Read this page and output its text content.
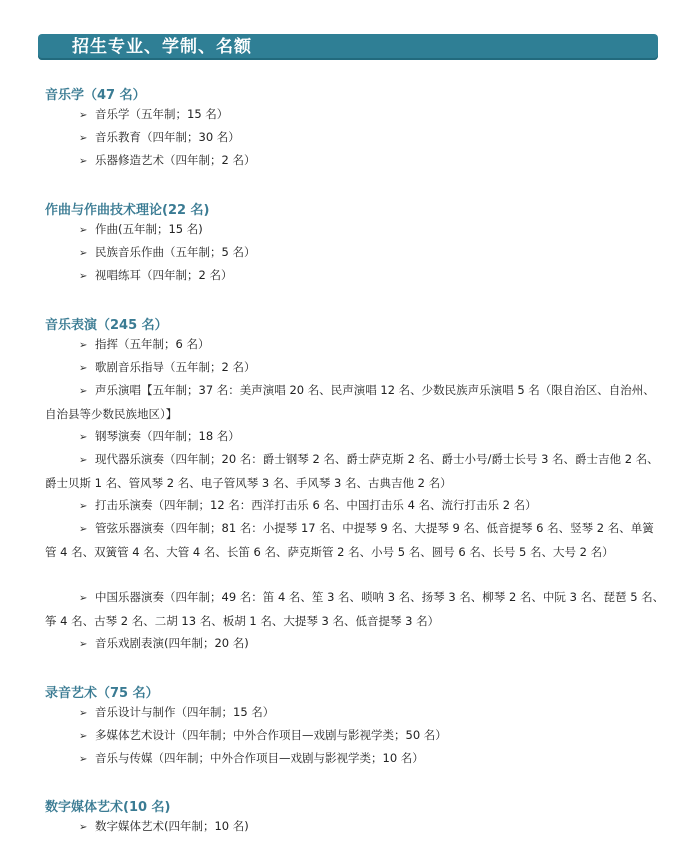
招生专业、学制、名额
音乐学（47 名）
➢ 音乐学（五年制；15 名）
➢ 音乐教育（四年制；30 名）
➢ 乐器修造艺术（四年制；2 名）
作曲与作曲技术理论(22 名)
➢ 作曲(五年制；15 名)
➢ 民族音乐作曲（五年制；5 名）
➢ 视唱练耳（四年制；2 名）
音乐表演（245 名）
➢ 指挥（五年制；6 名）
➢ 歌剧音乐指导（五年制；2 名）
➢ 声乐演唱【五年制；37 名：美声演唱 20 名、民声演唱 12 名、少数民族声乐演唱 5 名（限自治区、自治州、自治县等少数民族地区）】
➢ 钢琴演奏（四年制；18 名）
➢ 现代器乐演奏（四年制；20 名：爵士钢琴 2 名、爵士萨克斯 2 名、爵士小号/爵士长号 3 名、爵士吉他 2 名、爵士贝斯 1 名、管风琴 2 名、电子管风琴 3 名、手风琴 3 名、古典吉他 2 名）
➢ 打击乐演奏（四年制；12 名：西洋打击乐 6 名、中国打击乐 4 名、流行打击乐 2 名）
➢ 管弦乐器演奏（四年制；81 名：小提琴 17 名、中提琴 9 名、大提琴 9 名、低音提琴 6 名、竖琴 2 名、单簧管 4 名、双簧管 4 名、大管 4 名、长笛 6 名、萨克斯管 2 名、小号 5 名、圆号 6 名、长号 5 名、大号 2 名）
➢ 中国乐器演奏（四年制；49 名：笛 4 名、笙 3 名、唢呐 3 名、扬琴 3 名、柳琴 2 名、中阮 3 名、琵琶 5 名、筝 4 名、古琴 2 名、二胡 13 名、板胡 1 名、大提琴 3 名、低音提琴 3 名）
➢ 音乐戏剧表演(四年制；20 名)
录音艺术（75 名）
➢ 音乐设计与制作（四年制；15 名）
➢ 多媒体艺术设计（四年制；中外合作项目—戏剧与影视学类；50 名）
➢ 音乐与传媒（四年制；中外合作项目—戏剧与影视学类；10 名）
数字媒体艺术(10 名)
➢ 数字媒体艺术(四年制；10 名)
